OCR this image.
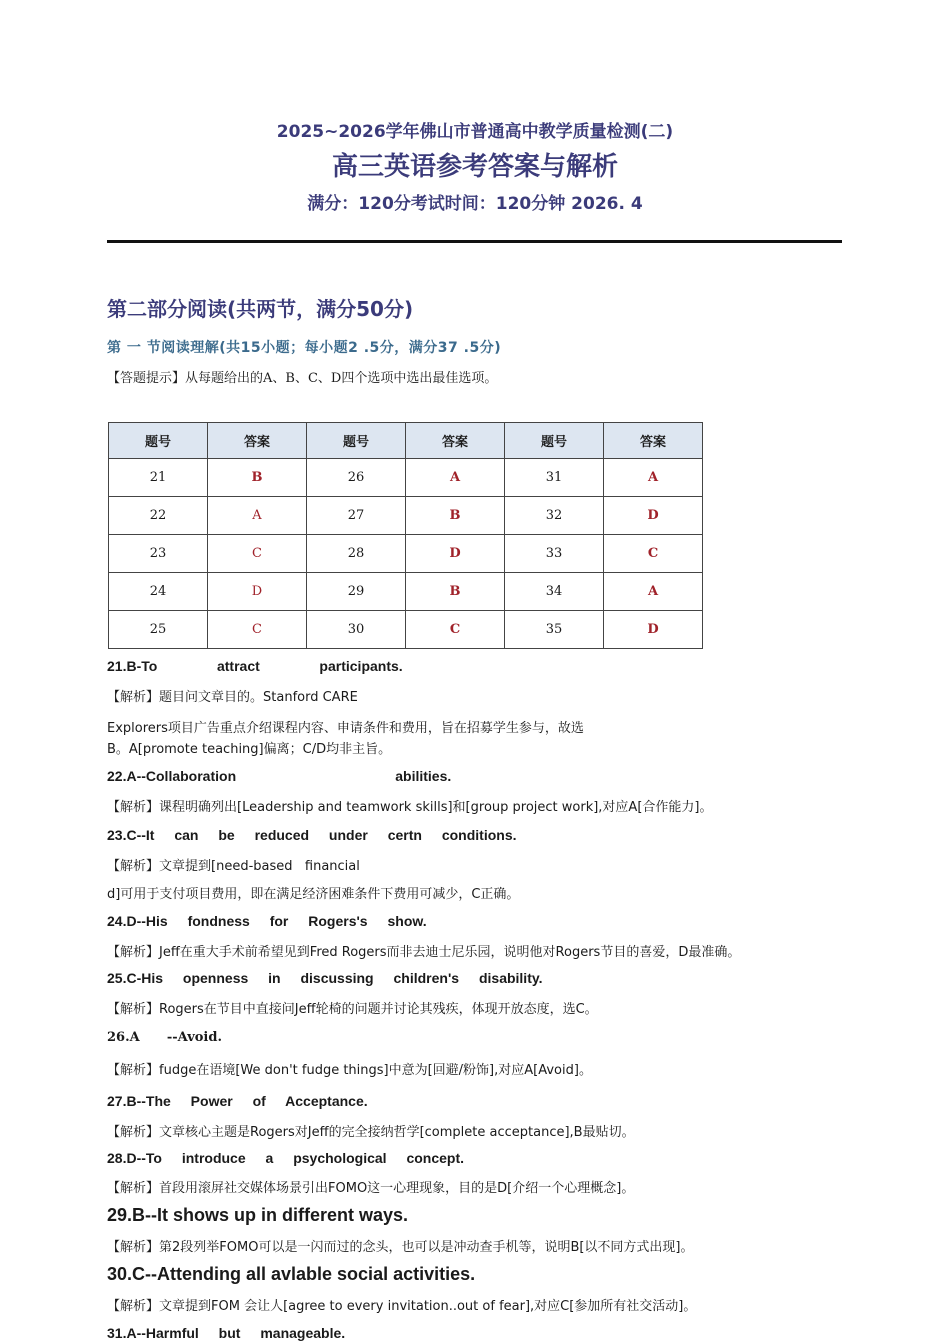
2025~2026学年佛山市普通高中教学质量检测(二)
高三英语参考答案与解析
满分：120分考试时间：120分钟 2026. 4
第二部分阅读(共两节，满分50分)
第 一 节阅读理解(共15小题；每小题2 .5分，满分37 .5分)
【答题提示】从每题给出的A、B、C、D四个选项中选出最佳选项。
题号	答案	题号	答案	题号	答案
21	B	26	A	31	A
22	A	27	B	32	D
23	C	28	D	33	C
24	D	29	B	34	A
25	C	30	C	35	D
21.B-To   attract   participants.
【解析】题目问文章目的。Stanford CARE
Explorers项目广告重点介绍课程内容、申请条件和费用，旨在招募学生参与，故选
B。A[promote teaching]偏离；C/D均非主旨。
22.A--Collaboration        abilities.
【解析】课程明确列出[Leadership and teamwork skills]和[group project work],对应A[合作能力]。
23.C--It can be reduced under certn conditions.
【解析】文章提到[need-based   financial
d]可用于支付项目费用，即在满足经济困难条件下费用可减少，C正确。
24.D--His fondness for Rogers's show.
【解析】Jeff在重大手术前希望见到Fred Rogers而非去迪士尼乐园，说明他对Rogers节目的喜爱，D最准确。
25.C-His openness in discussing children's disability.
【解析】Rogers在节目中直接问Jeff轮椅的问题并讨论其残疾，体现开放态度，选C。
26.A      --Avoid.
【解析】fudge在语境[We don't fudge things]中意为[回避/粉饰],对应A[Avoid]。
27.B--The Power of Acceptance.
【解析】文章核心主题是Rogers对Jeff的完全接纳哲学[complete acceptance],B最贴切。
28.D--To introduce a psychological concept.
【解析】首段用滚屏社交媒体场景引出FOMO这一心理现象，目的是D[介绍一个心理概念]。
29.B--It shows up in different ways.
【解析】第2段列举FOMO可以是一闪而过的念头，也可以是冲动查手机等，说明B[以不同方式出现]。
30.C--Attending all avlable social activities.
【解析】文章提到FOM 会让人[agree to every invitation..out of fear],对应C[参加所有社交活动]。
31.A--Harmful but manageable.
